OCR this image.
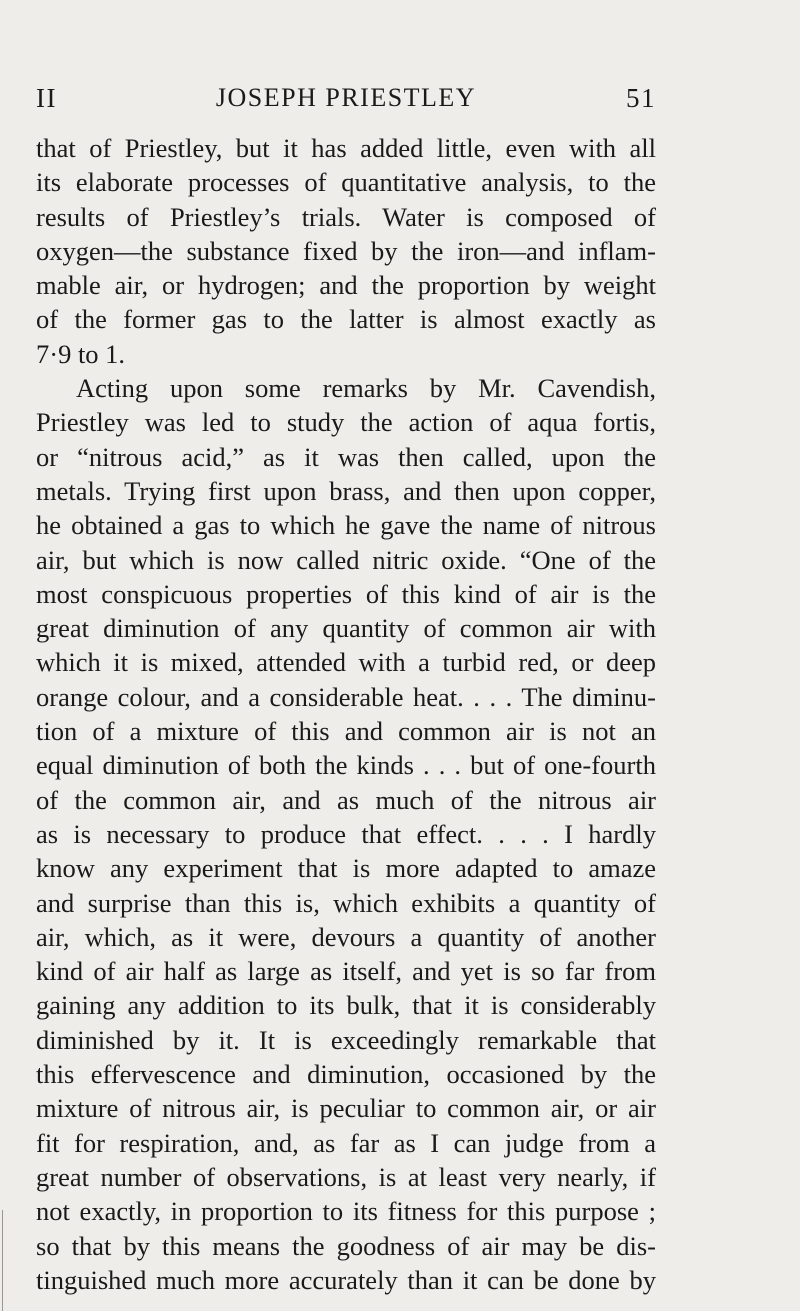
II	JOSEPH PRIESTLEY	51
that of Priestley, but it has added little, even with all
its elaborate processes of quantitative analysis, to the
results of Priestley’s trials. Water is composed of
oxygen—the substance fixed by the iron—and inflam-
mable air, or hydrogen; and the proportion by weight
of the former gas to the latter is almost exactly as
7·9 to 1.
Acting upon some remarks by Mr. Cavendish,
Priestley was led to study the action of aqua fortis,
or “nitrous acid,” as it was then called, upon the
metals. Trying first upon brass, and then upon copper,
he obtained a gas to which he gave the name of nitrous
air, but which is now called nitric oxide. “One of the
most conspicuous properties of this kind of air is the
great diminution of any quantity of common air with
which it is mixed, attended with a turbid red, or deep
orange colour, and a considerable heat. . . . The diminu-
tion of a mixture of this and common air is not an
equal diminution of both the kinds . . . but of one-fourth
of the common air, and as much of the nitrous air
as is necessary to produce that effect. . . . I hardly
know any experiment that is more adapted to amaze
and surprise than this is, which exhibits a quantity of
air, which, as it were, devours a quantity of another
kind of air half as large as itself, and yet is so far from
gaining any addition to its bulk, that it is considerably
diminished by it. It is exceedingly remarkable that
this effervescence and diminution, occasioned by the
mixture of nitrous air, is peculiar to common air, or air
fit for respiration, and, as far as I can judge from a
great number of observations, is at least very nearly, if
not exactly, in proportion to its fitness for this purpose ;
so that by this means the goodness of air may be dis-
tinguished much more accurately than it can be done by
